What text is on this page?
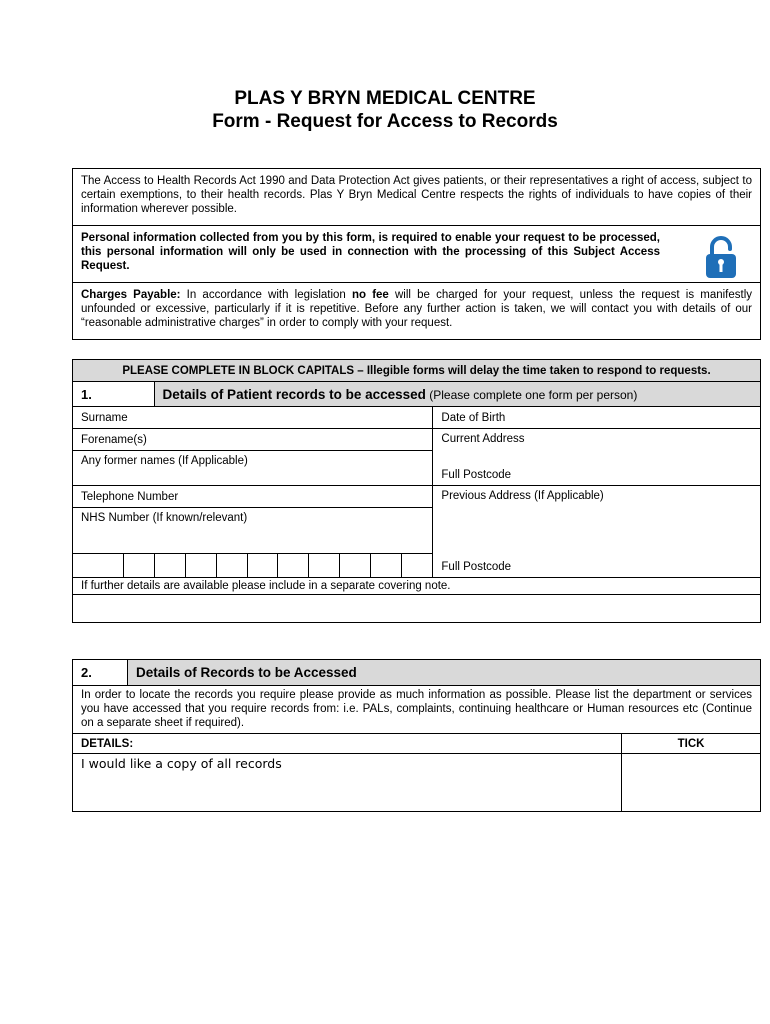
PLAS Y BRYN MEDICAL CENTRE
Form - Request for Access to Records

The Access to Health Records Act 1990 and Data Protection Act gives patients, or their representatives a right of access, subject to certain exemptions, to their health records. Plas Y Bryn Medical Centre respects the rights of individuals to have copies of their information wherever possible.

Personal information collected from you by this form, is required to enable your request to be processed, this personal information will only be used in connection with the processing of this Subject Access Request.

Charges Payable: In accordance with legislation no fee will be charged for your request, unless the request is manifestly unfounded or excessive, particularly if it is repetitive. Before any further action is taken, we will contact you with details of our “reasonable administrative charges” in order to comply with your request.

PLEASE COMPLETE IN BLOCK CAPITALS – Illegible forms will delay the time taken to respond to requests.											
1.		Details of Patient records to be accessed (Please complete one form per person)									
Surname											Date of Birth
Forename(s)											Current Address
Full Postcode

Any former names (If Applicable)											

Telephone Number											Previous Address (If Applicable)
Full Postcode

NHS Number (If known/relevant)											

If further details are available please include in a separate covering note.											

2.	Details of Records to be Accessed	
In order to locate the records you require please provide as much information as possible. Please list the department or services you have accessed that you require records from: i.e. PALs, complaints, continuing healthcare or Human resources etc (Continue on a separate sheet if required).		
DETAILS:		TICK
I would like a copy of all records		
